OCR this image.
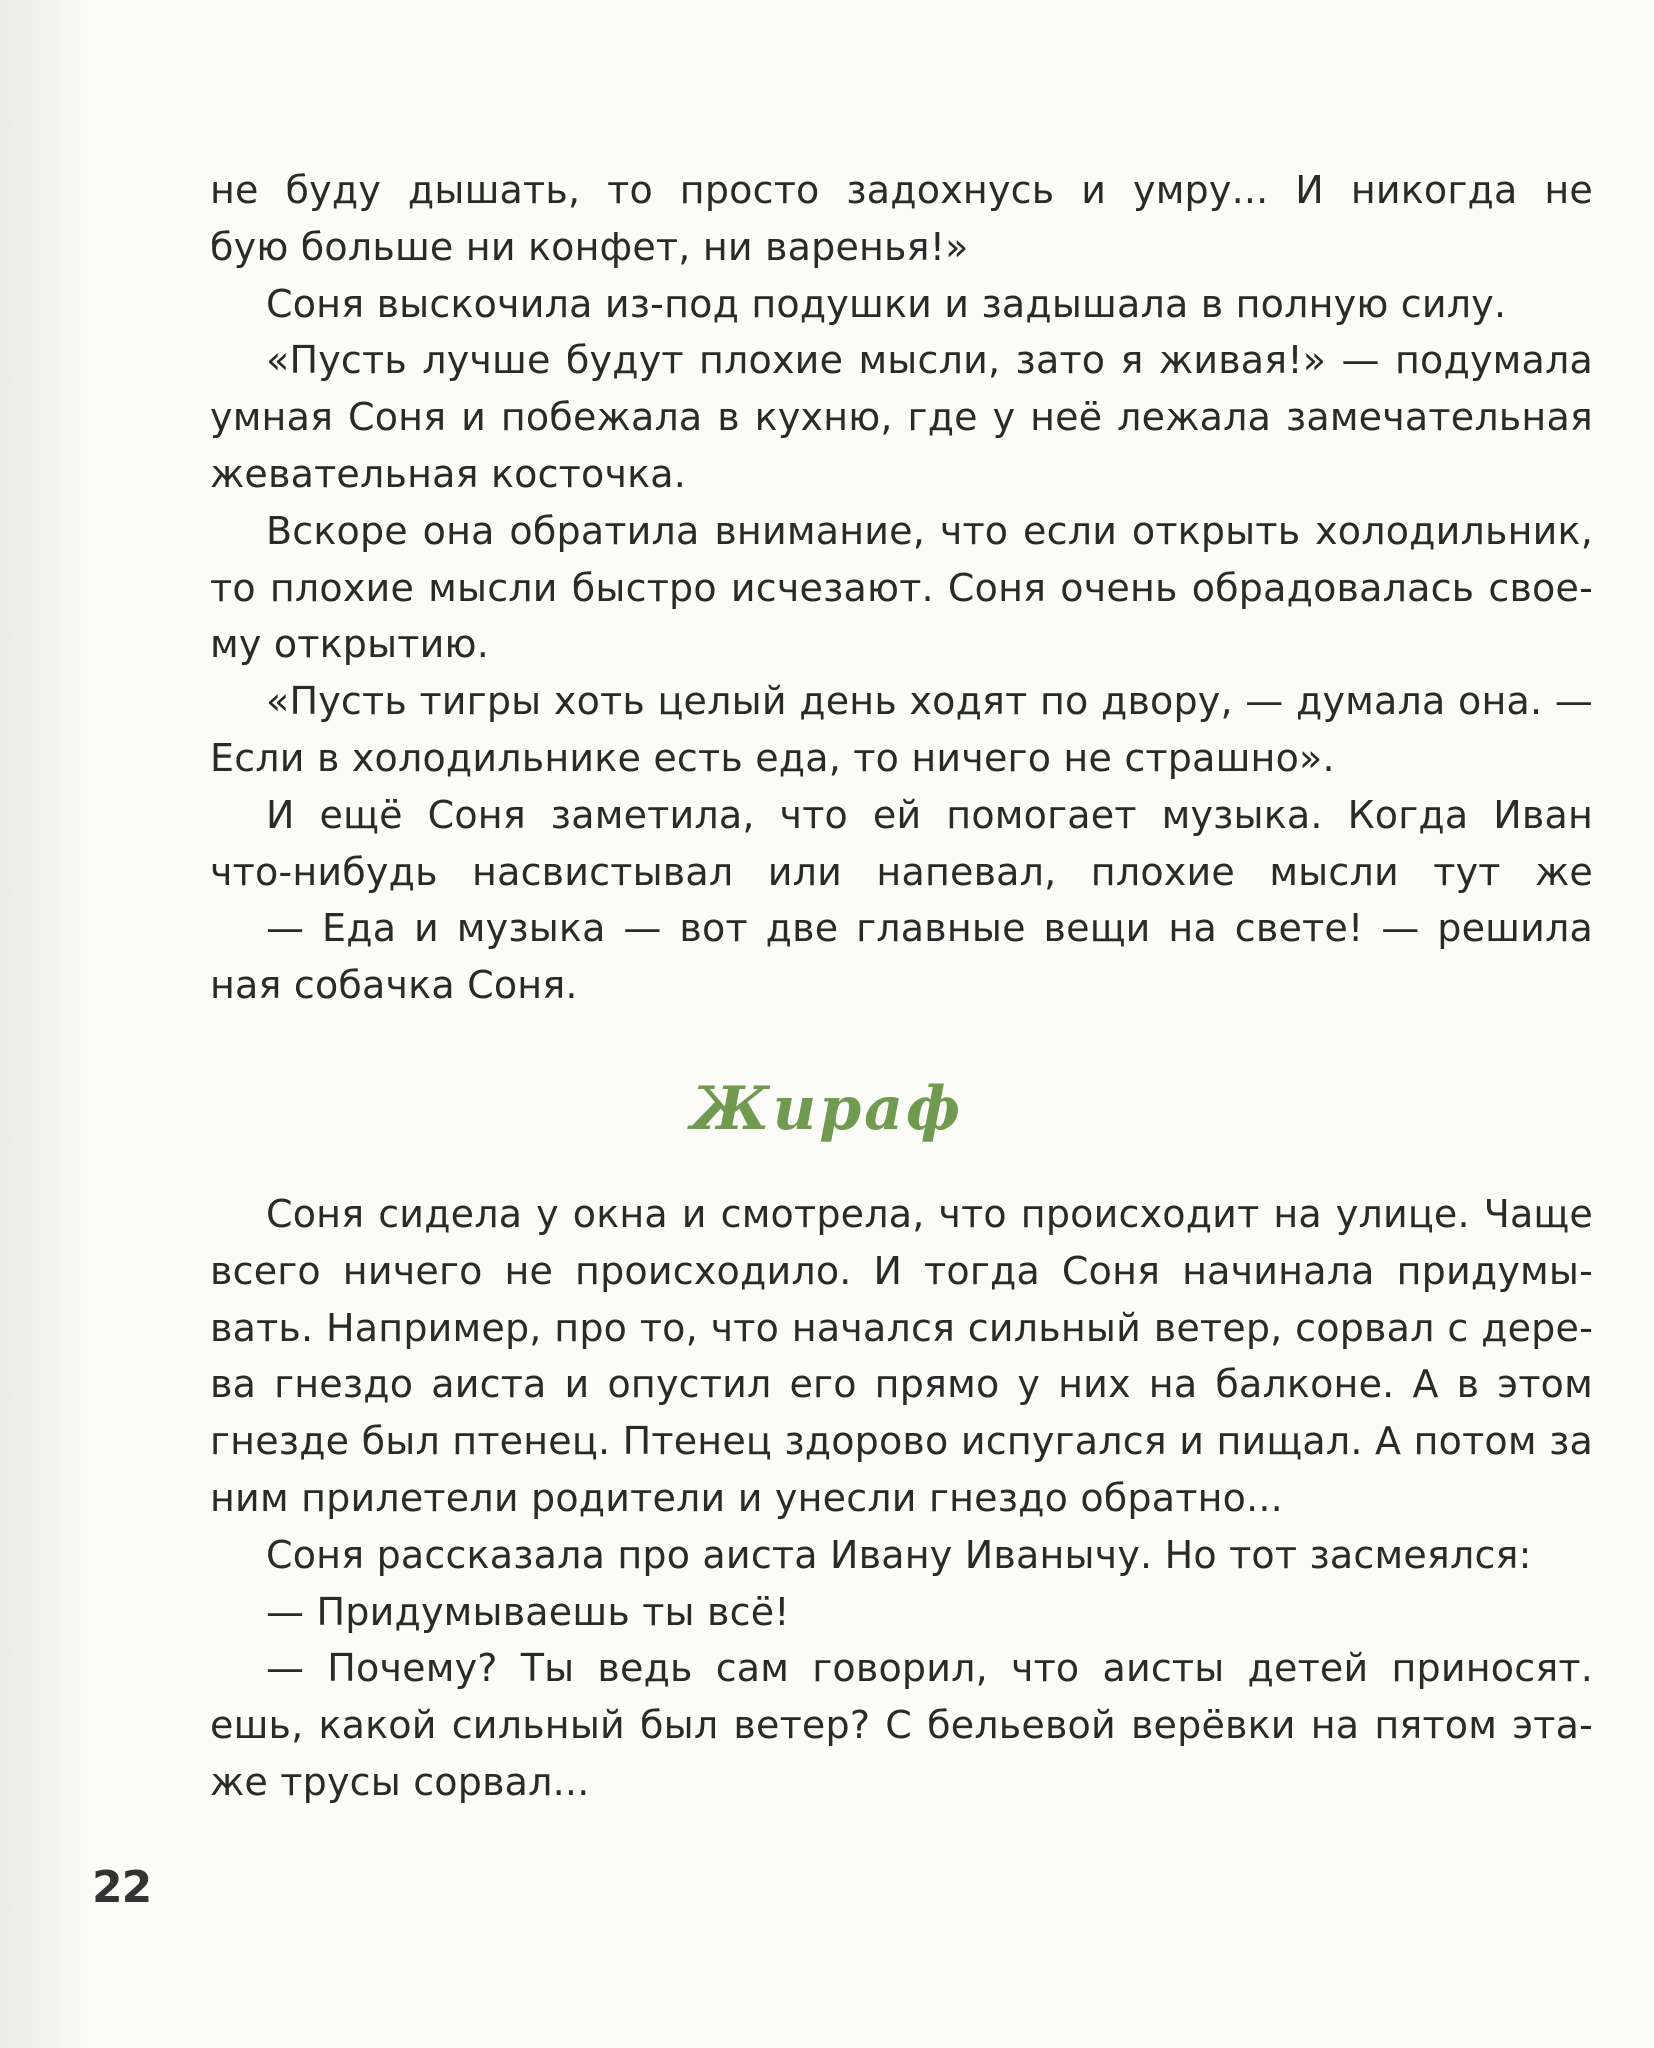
не буду дышать, то просто задохнусь и умру... И никогда не
бую больше ни конфет, ни варенья!»
Соня выскочила из-под подушки и задышала в полную силу.
«Пусть лучше будут плохие мысли, зато я живая!» — подумала
умная Соня и побежала в кухню, где у неё лежала замечательная
жевательная косточка.
Вскоре она обратила внимание, что если открыть холодильник,
то плохие мысли быстро исчезают. Соня очень обрадовалась свое-
му открытию.
«Пусть тигры хоть целый день ходят по двору, — думала она. —
Если в холодильнике есть еда, то ничего не страшно».
И ещё Соня заметила, что ей помогает музыка. Когда Иван
что-нибудь насвистывал или напевал, плохие мысли тут же
— Еда и музыка — вот две главные вещи на свете! — решила
ная собачка Соня.
Жираф
Соня сидела у окна и смотрела, что происходит на улице. Чаще
всего ничего не происходило. И тогда Соня начинала придумы-
вать. Например, про то, что начался сильный ветер, сорвал с дере-
ва гнездо аиста и опустил его прямо у них на балконе. А в этом
гнезде был птенец. Птенец здорово испугался и пищал. А потом за
ним прилетели родители и унесли гнездо обратно...
Соня рассказала про аиста Ивану Иванычу. Но тот засмеялся:
— Придумываешь ты всё!
— Почему? Ты ведь сам говорил, что аисты детей приносят.
ешь, какой сильный был ветер? С бельевой верёвки на пятом эта-
же трусы сорвал...
22
